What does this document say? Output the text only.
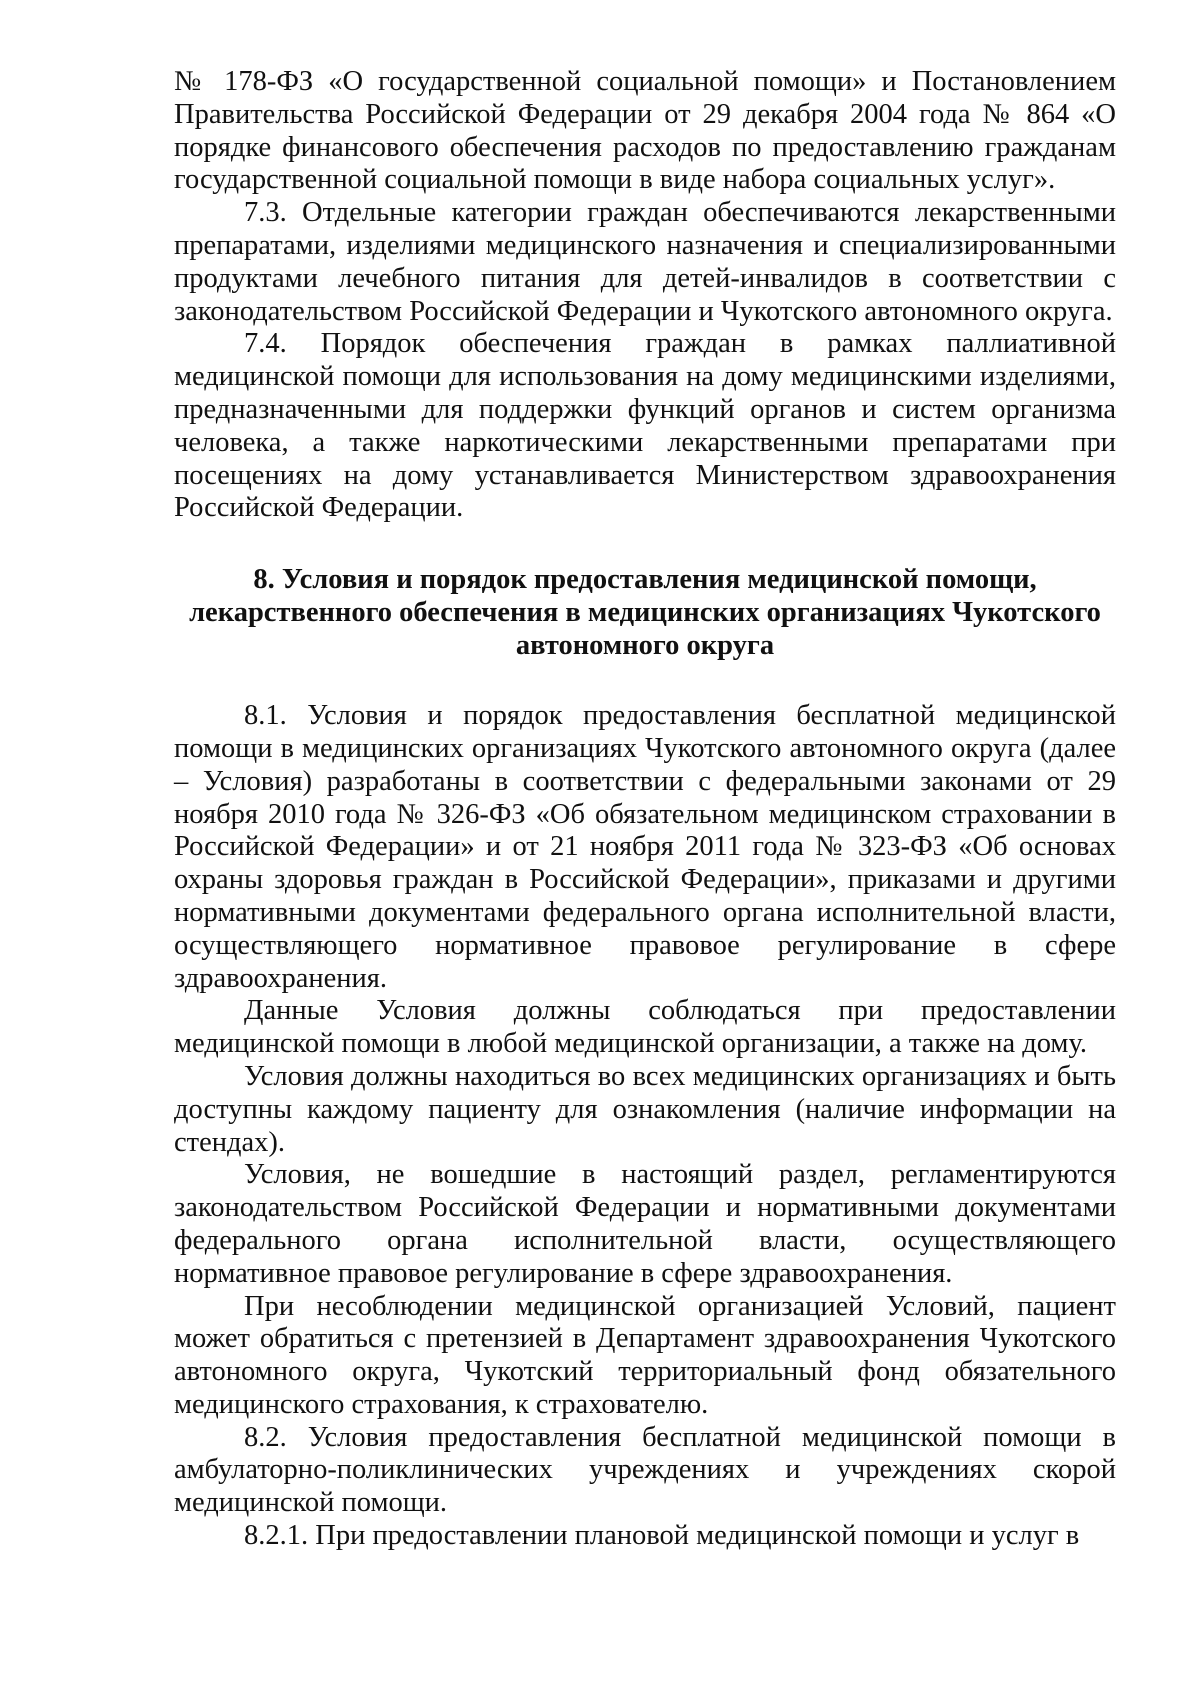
№ 178-ФЗ «О государственной социальной помощи» и Постановлением Правительства Российской Федерации от 29 декабря 2004 года № 864 «О порядке финансового обеспечения расходов по предоставлению гражданам государственной социальной помощи в виде набора социальных услуг».

7.3. Отдельные категории граждан обеспечиваются лекарственными препаратами, изделиями медицинского назначения и специализированными продуктами лечебного питания для детей-инвалидов в соответствии с законодательством Российской Федерации и Чукотского автономного округа.

7.4. Порядок обеспечения граждан в рамках паллиативной медицинской помощи для использования на дому медицинскими изделиями, предназначенными для поддержки функций органов и систем организма человека, а также наркотическими лекарственными препаратами при посещениях на дому устанавливается Министерством здравоохранения Российской Федерации.

8. Условия и порядок предоставления медицинской помощи, лекарственного обеспечения в медицинских организациях Чукотского автономного округа

8.1. Условия и порядок предоставления бесплатной медицинской помощи в медицинских организациях Чукотского автономного округа (далее – Условия) разработаны в соответствии с федеральными законами от 29 ноября 2010 года № 326-ФЗ «Об обязательном медицинском страховании в Российской Федерации» и от 21 ноября 2011 года № 323-ФЗ «Об основах охраны здоровья граждан в Российской Федерации», приказами и другими нормативными документами федерального органа исполнительной власти, осуществляющего нормативное правовое регулирование в сфере здравоохранения.

Данные Условия должны соблюдаться при предоставлении медицинской помощи в любой медицинской организации, а также на дому.

Условия должны находиться во всех медицинских организациях и быть доступны каждому пациенту для ознакомления (наличие информации на стендах).

Условия, не вошедшие в настоящий раздел, регламентируются законодательством Российской Федерации и нормативными документами федерального органа исполнительной власти, осуществляющего нормативное правовое регулирование в сфере здравоохранения.

При несоблюдении медицинской организацией Условий, пациент может обратиться с претензией в Департамент здравоохранения Чукотского автономного округа, Чукотский территориальный фонд обязательного медицинского страхования, к страхователю.

8.2. Условия предоставления бесплатной медицинской помощи в амбулаторно-поликлинических учреждениях и учреждениях скорой медицинской помощи.

8.2.1. При предоставлении плановой медицинской помощи и услуг в
